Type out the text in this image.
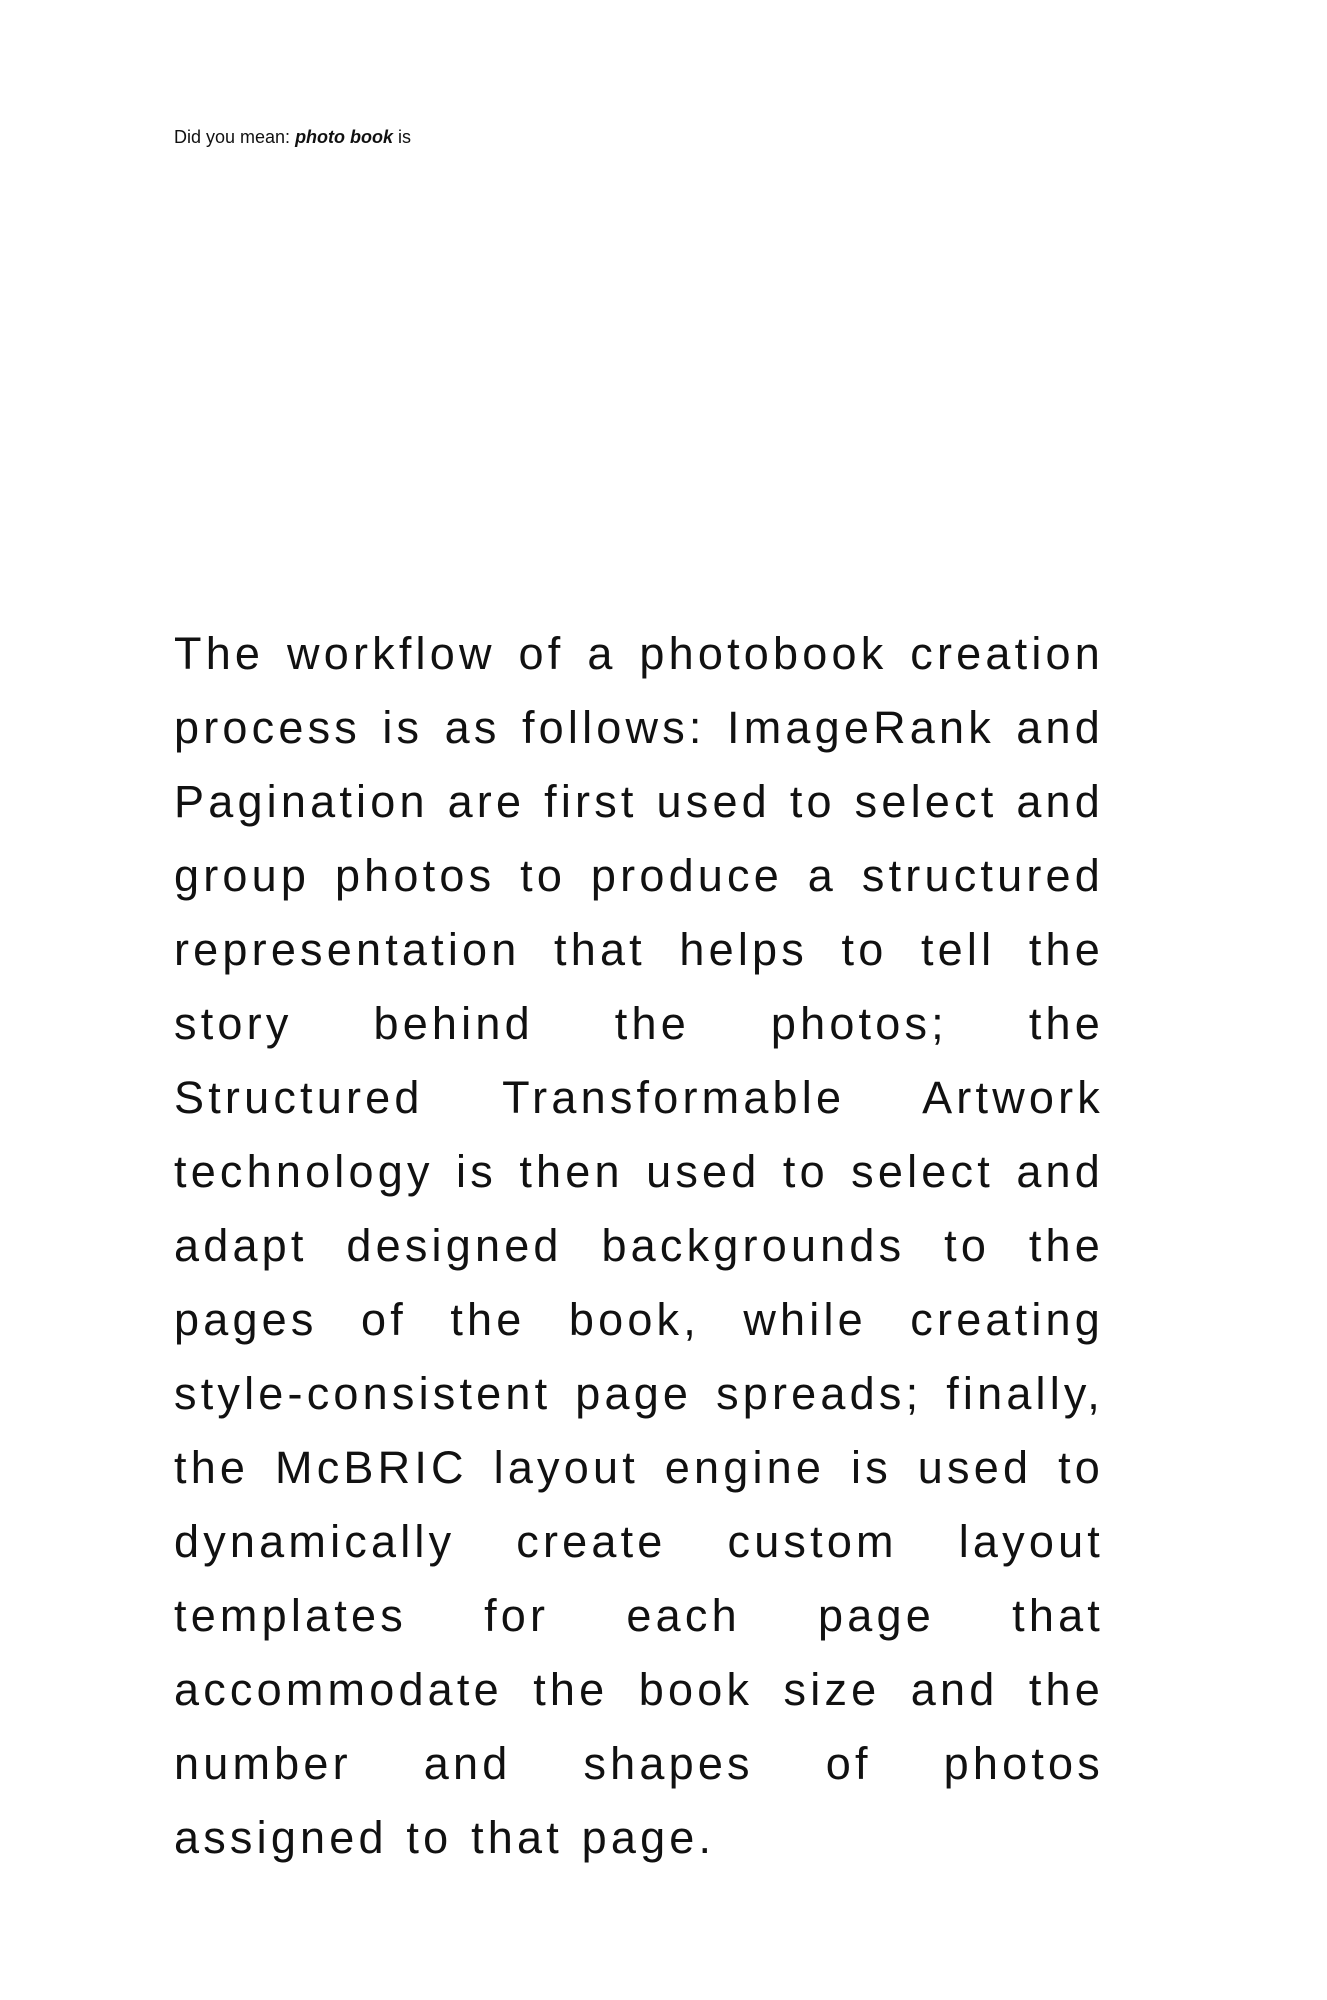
Did you mean: photo book is

The workflow of a photobook creation process is as follows: ImageRank and Pagination are first used to select and group photos to produce a structured representation that helps to tell the story behind the photos; the Structured Transformable Artwork technology is then used to select and adapt designed backgrounds to the pages of the book, while creating style-consistent page spreads; finally, the McBRIC layout engine is used to dynamically create custom layout templates for each page that accommodate the book size and the number and shapes of photos assigned to that page.
